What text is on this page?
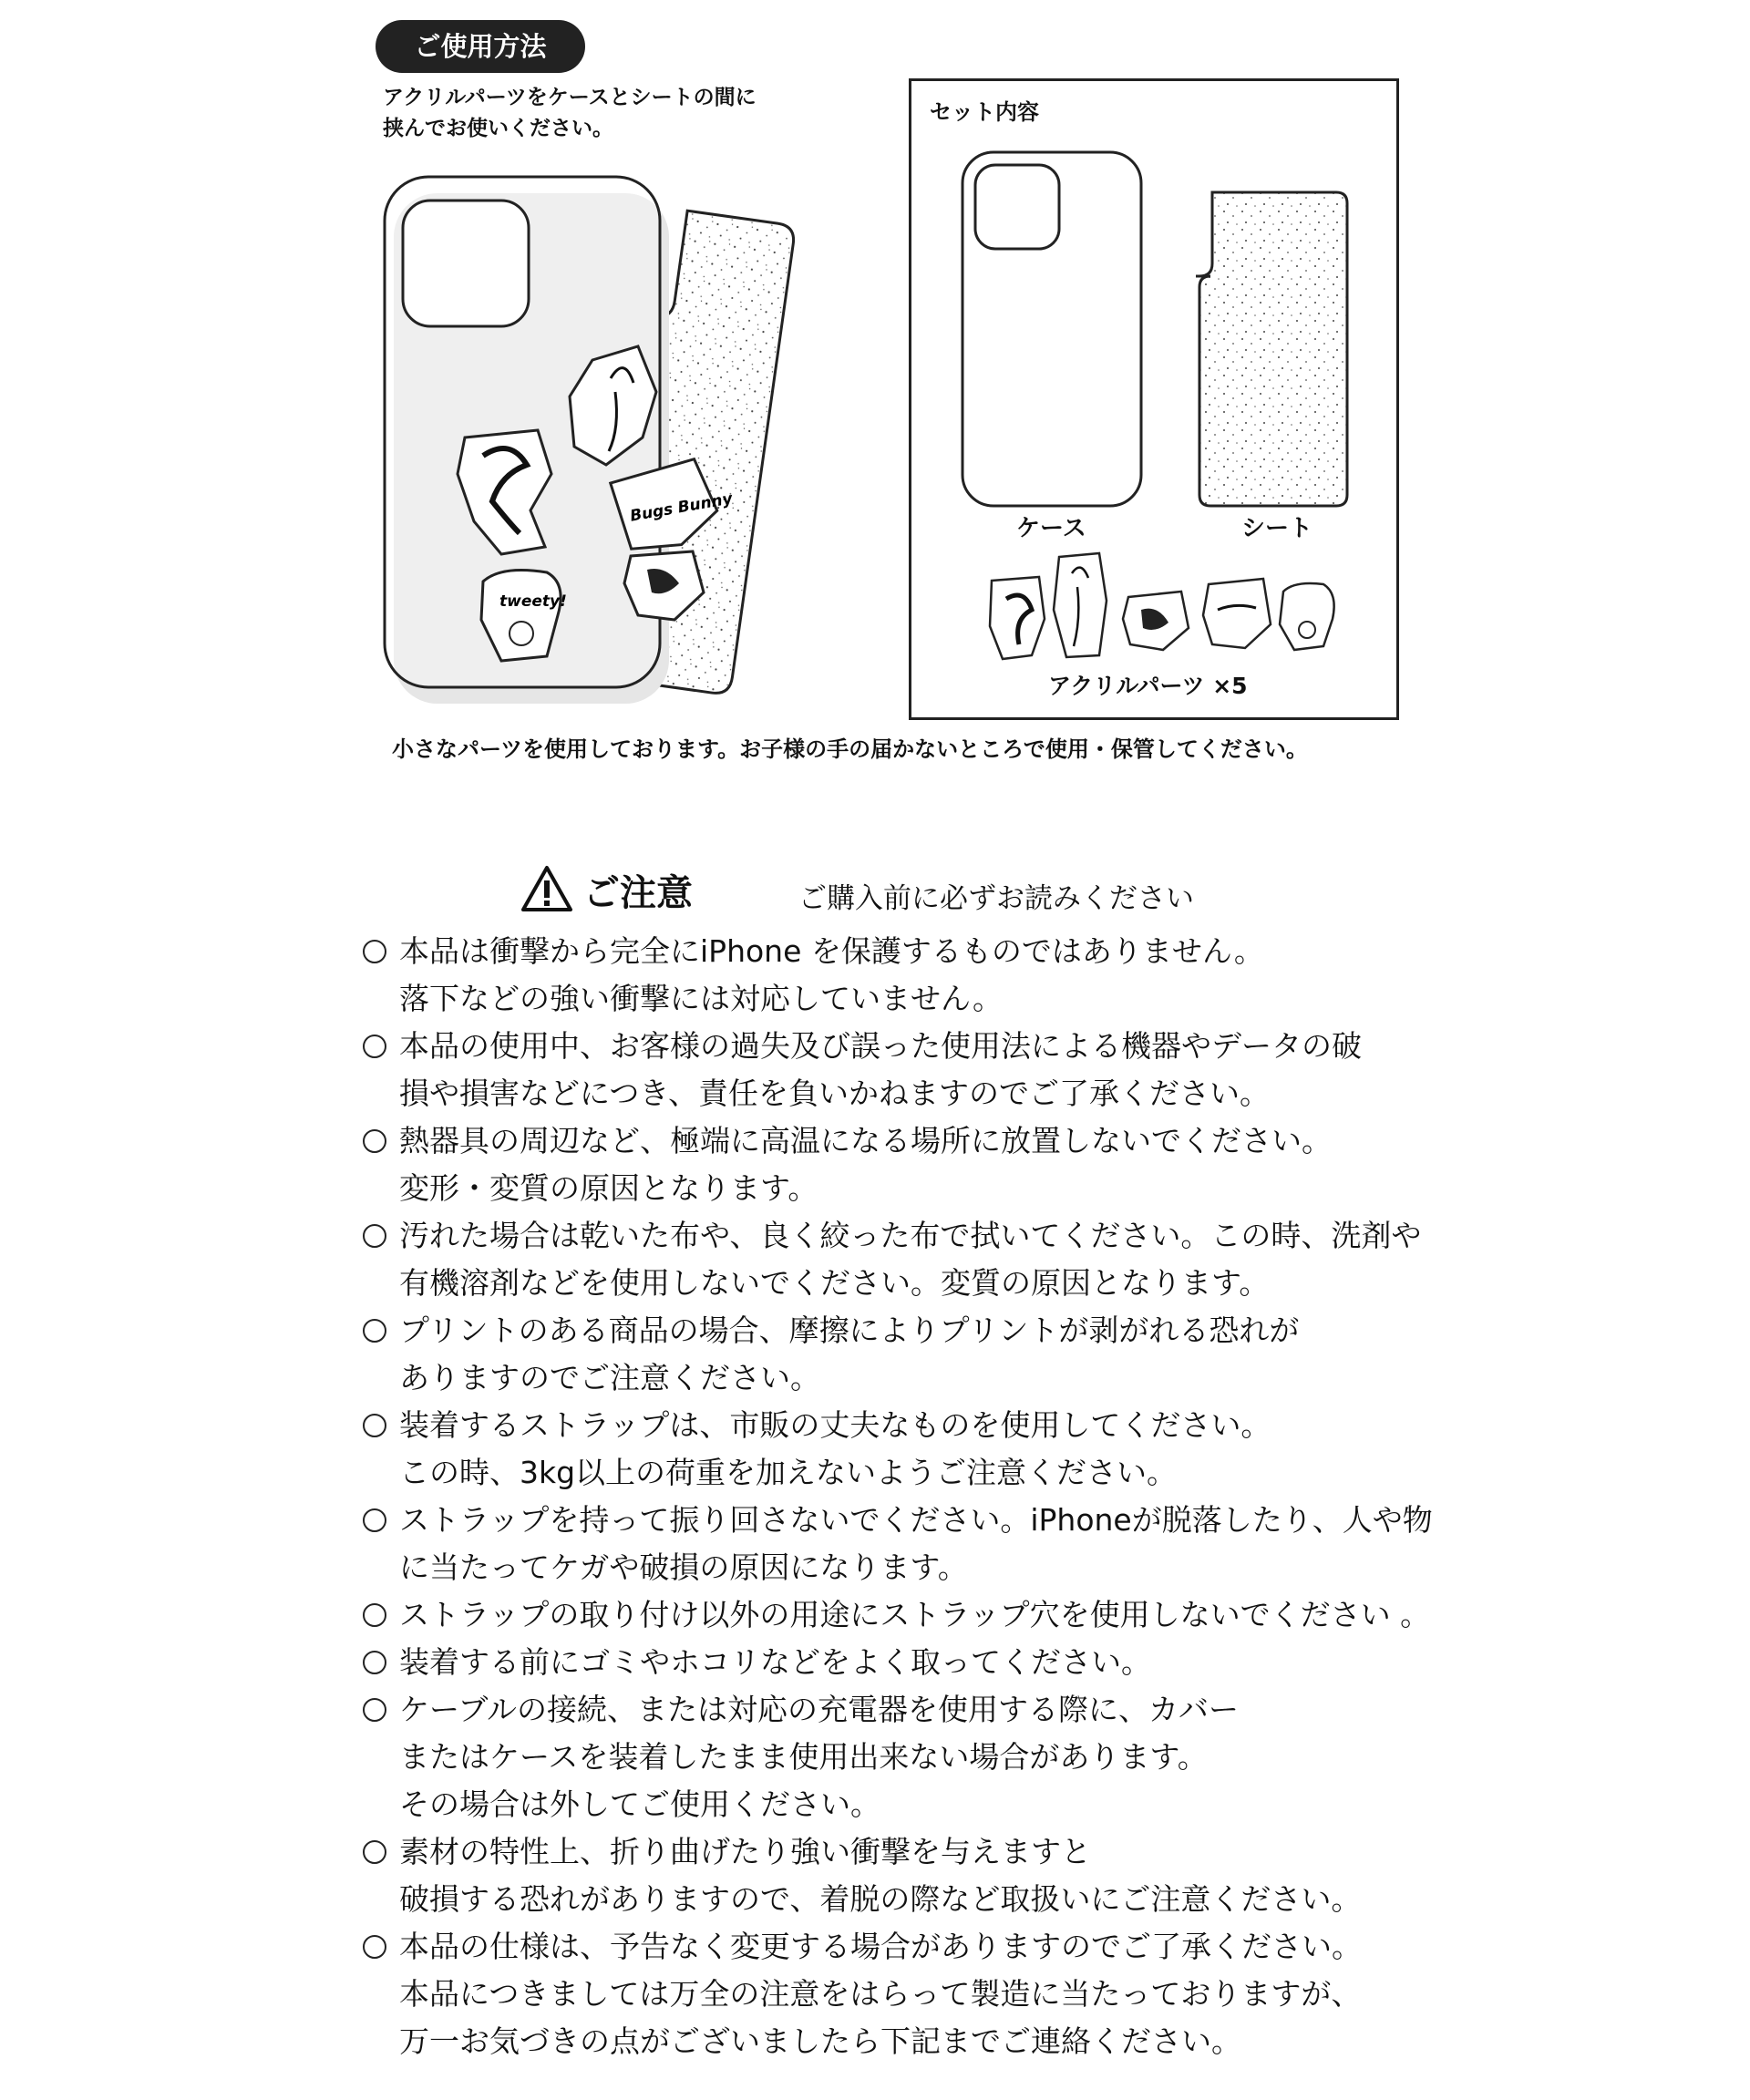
ご使用方法
アクリルパーツをケースとシートの間に
挟んでお使いください。
tweety!
Bugs Bunny
セット内容
ケース	シート
アクリルパーツ ×5
小さなパーツを使用しております。お子様の手の届かないところで使用・保管してください。
ご注意	ご購入前に必ずお読みください
本品は衝撃から完全にiPhone を保護するものではありません。
落下などの強い衝撃には対応していません。
本品の使用中、お客様の過失及び誤った使用法による機器やデータの破
損や損害などにつき、責任を負いかねますのでご了承ください。
熱器具の周辺など、極端に高温になる場所に放置しないでください。
変形・変質の原因となります。
汚れた場合は乾いた布や、良く絞った布で拭いてください。この時、洗剤や
有機溶剤などを使用しないでください。変質の原因となります。
プリントのある商品の場合、摩擦によりプリントが剥がれる恐れが
ありますのでご注意ください。
装着するストラップは、市販の丈夫なものを使用してください。
この時、3kg以上の荷重を加えないようご注意ください。
ストラップを持って振り回さないでください。iPhoneが脱落したり、人や物
に当たってケガや破損の原因になります。
ストラップの取り付け以外の用途にストラップ穴を使用しないでください 。
装着する前にゴミやホコリなどをよく取ってください。
ケーブルの接続、または対応の充電器を使用する際に、カバー
またはケースを装着したまま使用出来ない場合があります。
その場合は外してご使用ください。
素材の特性上、折り曲げたり強い衝撃を与えますと
破損する恐れがありますので、着脱の際など取扱いにご注意ください。
本品の仕様は、予告なく変更する場合がありますのでご了承ください。
本品につきましては万全の注意をはらって製造に当たっておりますが、
万一お気づきの点がございましたら下記までご連絡ください。
